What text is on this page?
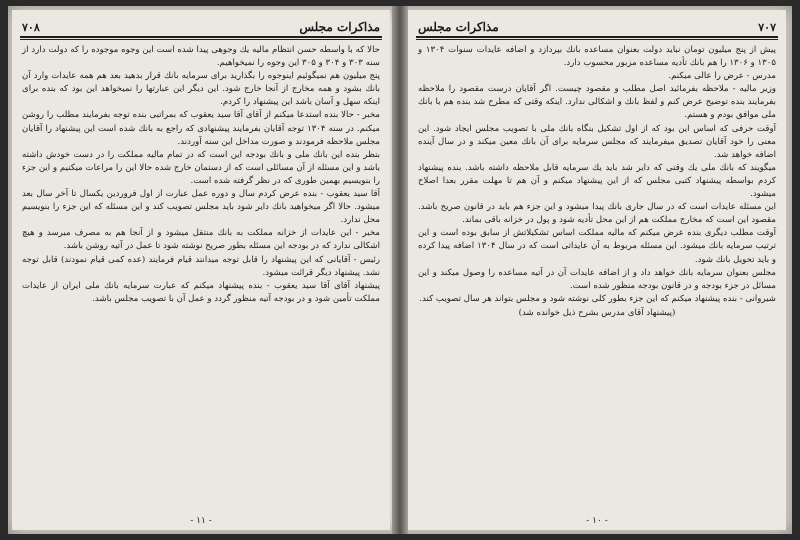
مذاكرات مجلس
۷۰۸

حالا كه با واسطه حسن انتظام ماليه يك وجوهى پيدا شده است اين وجوه موجوده را كه دولت دارد از سنه ۳۰۳ و ۳۰۴ و ۳۰۵ اين وجوه را نميخواهيم.

پنج ميليون هم نميگوئيم اينوجوه را بگذاريد براى سرمايه بانك قرار بدهيد بعد هم همه عايدات وارد آن بانك بشود و همه مخارج از آنجا خارج شود. اين ديگر اين عبارتها را نميخواهد اين بود كه بنده برای اينكه سهل و آسان باشد اين پيشنهاد را كردم.

مخبر - حالا بنده استدعا ميكنم از آقاى آقا سيد يعقوب كه بمراتبى بنده توجه بفرمايند مطلب را روشن ميكنم. در سنه ۱۳۰۴ توجه آقايان بفرمايند پيشنهادى كه راجع به بانك شده است اين پيشنهاد را آقايان مجلس ملاحظه فرمودند و صورت مداخل اين سنه آوردند.

بنظر بنده اين بانك ملى و بانك بودجه اين است كه در تمام ماليه مملكت را در دست خودش داشته باشد و اين مسئله از آن مسائلى است كه از دستمان خارج شده حالا اين را مراعات ميكنيم و اين جزء را بنويسيم بهمين طورى كه در نظر گرفته شده است.

آقا سيد يعقوب - بنده عرض كردم سال و دوره عمل عبارت از اول فروردين يكسال تا آخر سال بعد ميشود. حالا اگر ميخواهيد بانك داير شود بايد مجلس تصويب كند و اين مسئله كه اين جزء را بنويسيم محل ندارد.

مخبر - اين عايدات از خزانه مملكت به بانك منتقل ميشود و از آنجا هم به مصرف ميرسد و هيچ اشكالى ندارد كه در بودجه اين مسئله بطور صريح نوشته شود تا عمل در آتيه روشن باشد.

رئيس - آقايانى كه اين پيشنهاد را قابل توجه ميدانند قيام فرمايند (عده كمى قيام نمودند) قابل توجه نشد. پيشنهاد ديگر قرائت ميشود.

پيشنهاد آقاى آقا سيد يعقوب - بنده پيشنهاد ميكنم كه عبارت سرمايه بانك ملى ايران از عايدات مملكت تأمين شود و در بودجه آتيه منظور گردد و عمل آن با تصويب مجلس باشد.

- ۱۱ -
۷۰۷
مذاكرات مجلس

پيش از پنج ميليون تومان نبايد دولت بعنوان مساعده بانك بپردازد و اضافه عايدات سنوات ۱۳۰۴ و ۱۳۰۵ و ۱۳۰۶ را هم بانك تأديه مساعده مزبور محسوب دارد.

مدرس - عرض را عالى ميكنم.

وزير ماليه - ملاحظه بفرمائيد اصل مطلب و مقصود چيست. اگر آقايان درست مقصود را ملاحظه بفرمايند بنده توضيح عرض كنم و لفظ بانك و اشكالى ندارد. اينكه وقتى كه مطرح شد بنده هم با بانك ملى موافق بودم و هستم.

آوقت حرفى كه اساس اين بود كه از اول تشكيل بنگاه بانك ملى با تصويب مجلس ايجاد شود. اين معنى را خود آقايان تصديق ميفرمايند كه مجلس سرمايه براى آن بانك معين ميكند و در سال آينده اضافه خواهد شد.

ميگويند كه بانك ملى يك وقتى كه داير شد بايد يك سرمايه قابل ملاحظه داشته باشد. بنده پيشنهاد كردم بواسطه پيشنهاد كتبى مجلس كه از اين پيشنهاد ميكنم و آن هم تا مهلت مقرر بعدا اصلاح ميشود.

اين مسئله عايدات است كه در سال جارى بانك پيدا ميشود و اين جزء هم بايد در قانون صريح باشد. مقصود اين است كه مخارج مملكت هم از اين محل تأديه شود و پول در خزانه باقى بماند.

آوقت مطلب ديگرى بنده عرض ميكنم كه ماليه مملكت اساس تشكيلاتش از سابق بوده است و اين ترتيب سرمايه بانك ميشود. اين مسئله مربوط به آن عايداتى است كه در سال ۱۳۰۴ اضافه پيدا كرده و بايد تحويل بانك شود.

مجلس بعنوان سرمايه بانك خواهد داد و از اضافه عايدات آن در آتيه مساعده را وصول ميكند و اين مسائل در جزء بودجه و در قانون بودجه منظور شده است.

شيروانى - بنده پيشنهاد ميكنم كه اين جزء بطور كلى نوشته شود و مجلس بتواند هر سال تصويب كند.

(پيشنهاد آقاى مدرس بشرح ذيل خوانده شد)

- ۱۰ -
